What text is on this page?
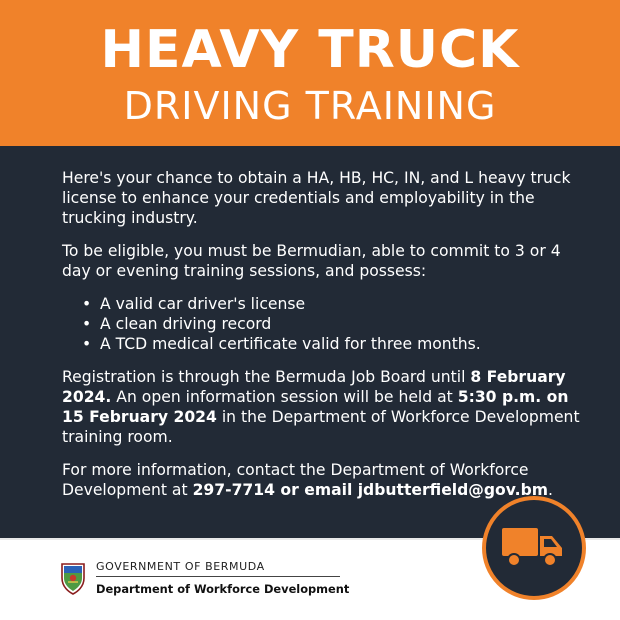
HEAVY TRUCK
DRIVING TRAINING

Here's your chance to obtain a HA, HB, HC, IN, and L heavy truck license to enhance your credentials and employability in the trucking industry.

To be eligible, you must be Bermudian, able to commit to 3 or 4 day or evening training sessions, and possess:

• A valid car driver's license
• A clean driving record
• A TCD medical certificate valid for three months.

Registration is through the Bermuda Job Board until 8 February 2024. An open information session will be held at 5:30 p.m. on 15 February 2024 in the Department of Workforce Development training room.

For more information, contact the Department of Workforce Development at 297-7714 or email jdbutterfield@gov.bm.

GOVERNMENT OF BERMUDA
Department of Workforce Development
